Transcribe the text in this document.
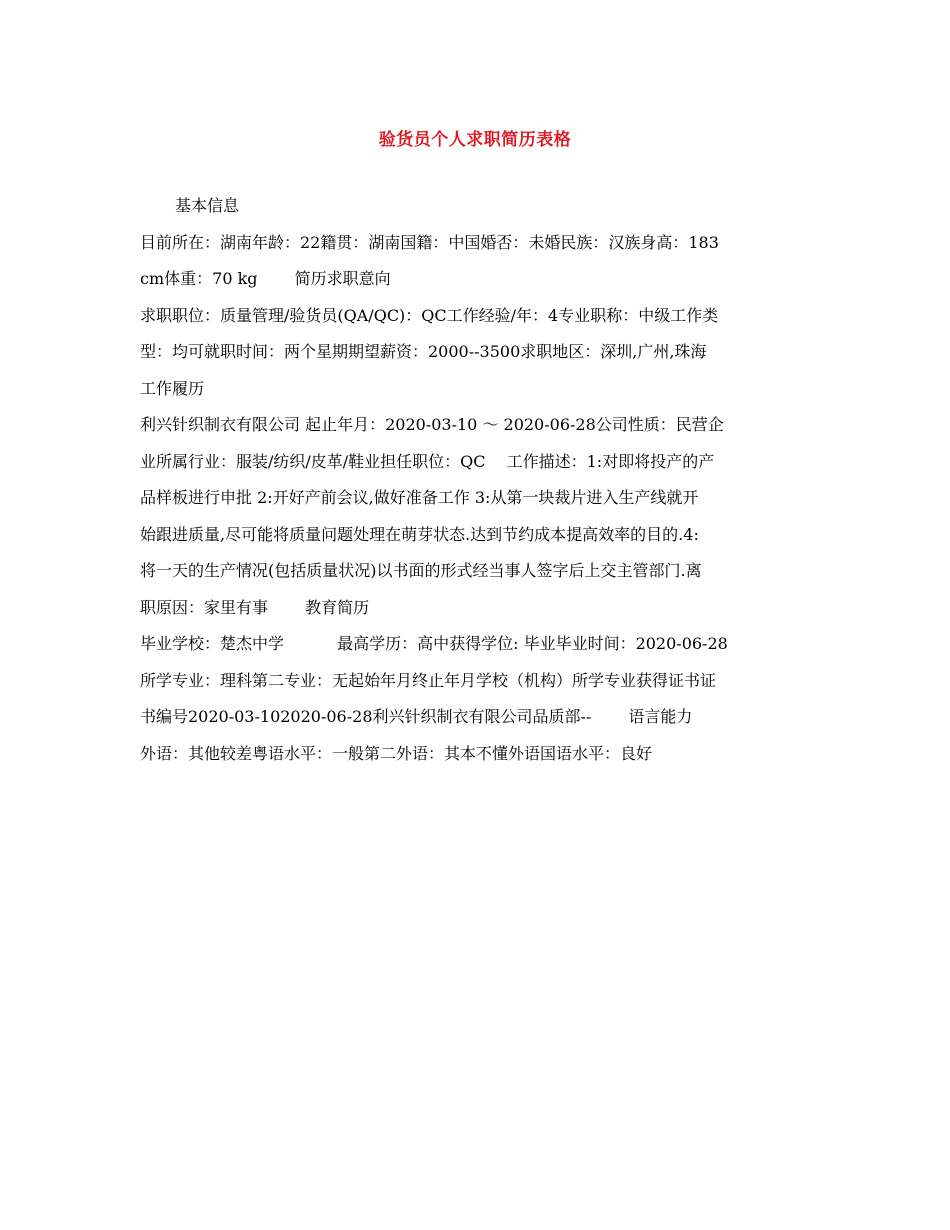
验货员个人求职简历表格
基本信息
目前所在：湖南年龄：22籍贯：湖南国籍：中国婚否：未婚民族：汉族身高：183
cm体重：70 kg　　 简历求职意向
求职职位：质量管理/验货员(QA/QC)：QC工作经验/年：4专业职称：中级工作类
型：均可就职时间：两个星期期望薪资：2000--3500求职地区：深圳,广州,珠海
工作履历
利兴针织制衣有限公司 起止年月：2020-03-10 ～ 2020-06-28公司性质：民营企
业所属行业：服装/纺织/皮革/鞋业担任职位：QC　 工作描述：1:对即将投产的产
品样板进行申批 2:开好产前会议,做好准备工作 3:从第一块裁片进入生产线就开
始跟进质量,尽可能将质量问题处理在萌芽状态.达到节约成本提高效率的目的.4:
将一天的生产情况(包括质量状况)以书面的形式经当事人签字后上交主管部门.离
职原因：家里有事　　 教育简历
毕业学校：楚杰中学　　　 最高学历：高中获得学位: 毕业毕业时间：2020-06-28
所学专业：理科第二专业：无起始年月终止年月学校（机构）所学专业获得证书证
书编号2020-03-102020-06-28利兴针织制衣有限公司品质部--　　 语言能力
外语：其他较差粤语水平：一般第二外语：其本不懂外语国语水平：良好
